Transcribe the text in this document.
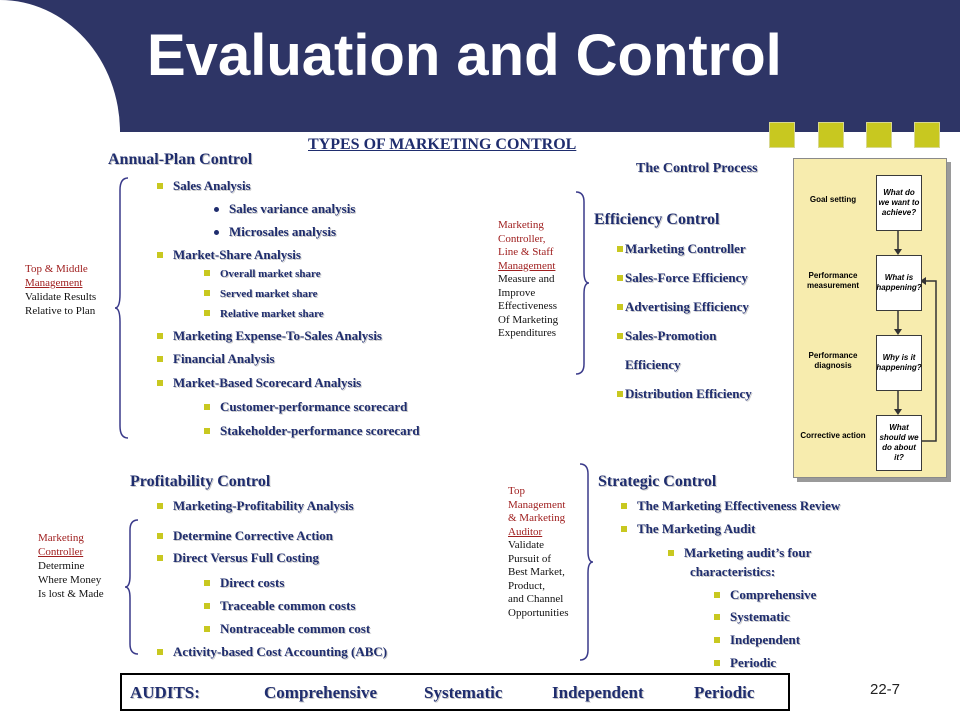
Evaluation and Control
TYPES OF MARKETING CONTROL
Annual-Plan Control
Sales Analysis
Sales variance analysis
Microsales analysis
Market-Share Analysis
Overall market share
Served market share
Relative market share
Marketing Expense-To-Sales Analysis
Financial Analysis
Market-Based Scorecard Analysis
Customer-performance scorecard
Stakeholder-performance scorecard
Top & Middle
Management
Validate Results
Relative to Plan
Profitability Control
Marketing-Profitability Analysis
Determine Corrective Action
Direct Versus Full Costing
Direct costs
Traceable common costs
Nontraceable common cost
Activity-based Cost Accounting (ABC)
Marketing
Controller
Determine
Where Money
Is lost & Made
Efficiency Control
Marketing Controller
Sales-Force Efficiency
Advertising Efficiency
Sales-Promotion
Efficiency
Distribution Efficiency
Marketing
Controller,
Line & Staff
Management
Measure and
Improve
Effectiveness
Of Marketing
Expenditures
Strategic Control
The Marketing Effectiveness Review
The Marketing Audit
Marketing audit’s four
characteristics:
Comprehensive
Systematic
Independent
Periodic
Top
Management
& Marketing
Auditor
Validate
Pursuit of
Best Market,
Product,
and Channel
Opportunities
The Control Process
Goal setting
What do we want to achieve?
Performance measurement
What is happening?
Performance diagnosis
Why is it happening?
Corrective action
What should we do about it?
AUDITS:	Comprehensive	Systematic	Independent	Periodic	22-7
